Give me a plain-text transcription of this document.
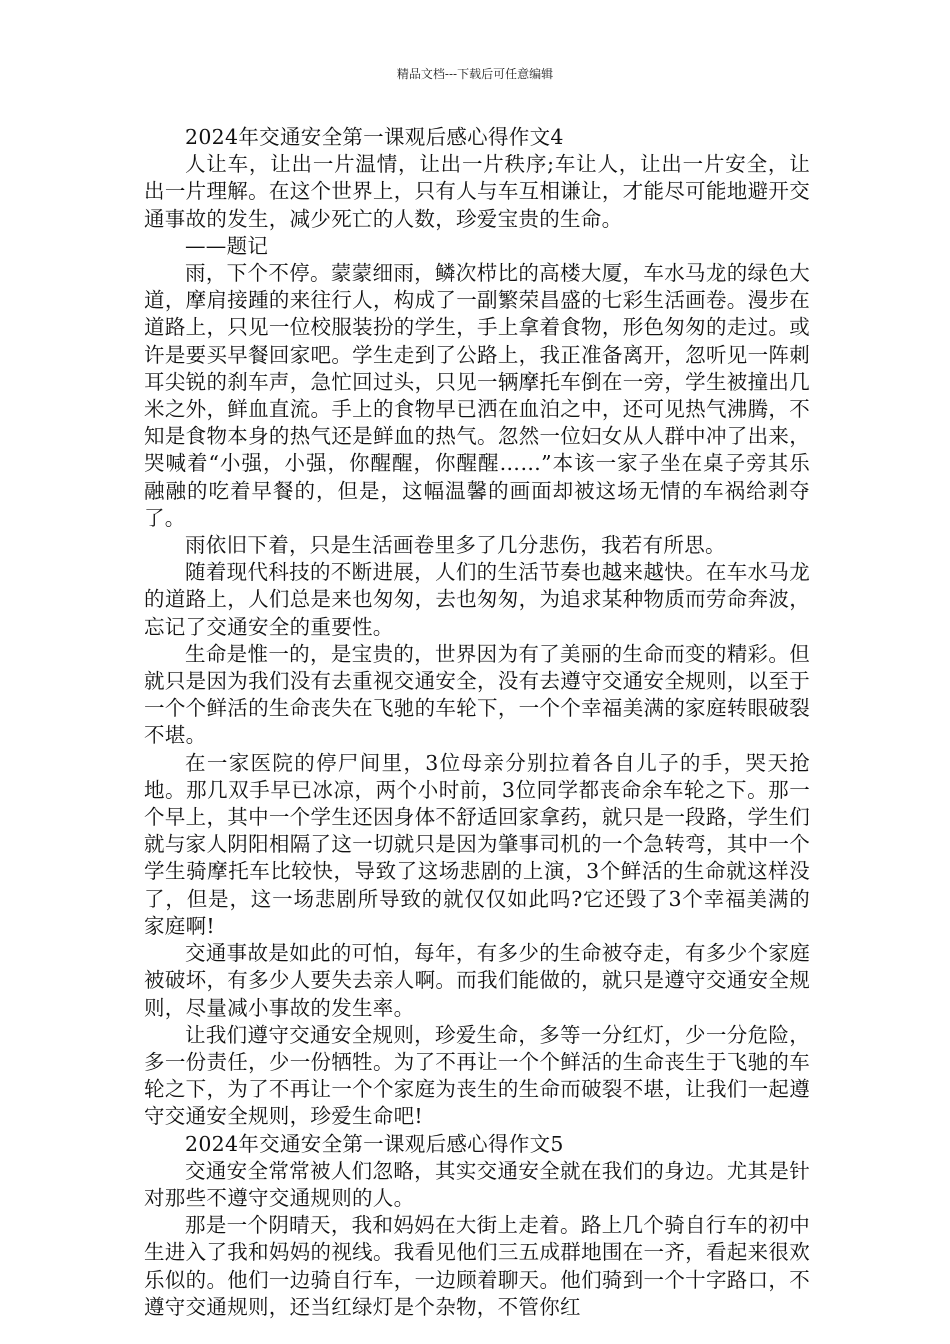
精品文档---下载后可任意编辑

2024年交通安全第一课观后感心得作文4

人让车，让出一片温情，让出一片秩序;车让人，让出一片安全，让出一片理解。在这个世界上，只有人与车互相谦让，才能尽可能地避开交通事故的发生，减少死亡的人数，珍爱宝贵的生命。

——题记

雨，下个不停。蒙蒙细雨，鳞次栉比的高楼大厦，车水马龙的绿色大道，摩肩接踵的来往行人，构成了一副繁荣昌盛的七彩生活画卷。漫步在道路上，只见一位校服装扮的学生，手上拿着食物，形色匆匆的走过。或许是要买早餐回家吧。学生走到了公路上，我正准备离开，忽听见一阵刺耳尖锐的刹车声，急忙回过头，只见一辆摩托车倒在一旁，学生被撞出几米之外，鲜血直流。手上的食物早已洒在血泊之中，还可见热气沸腾，不知是食物本身的热气还是鲜血的热气。忽然一位妇女从人群中冲了出来，哭喊着“小强，小强，你醒醒，你醒醒……”本该一家子坐在桌子旁其乐融融的吃着早餐的，但是，这幅温馨的画面却被这场无情的车祸给剥夺了。

雨依旧下着，只是生活画卷里多了几分悲伤，我若有所思。

随着现代科技的不断进展，人们的生活节奏也越来越快。在车水马龙的道路上，人们总是来也匆匆，去也匆匆，为追求某种物质而劳命奔波，忘记了交通安全的重要性。

生命是惟一的，是宝贵的，世界因为有了美丽的生命而变的精彩。但就只是因为我们没有去重视交通安全，没有去遵守交通安全规则，以至于一个个鲜活的生命丧失在飞驰的车轮下，一个个幸福美满的家庭转眼破裂不堪。

在一家医院的停尸间里，3位母亲分别拉着各自儿子的手，哭天抢地。那几双手早已冰凉，两个小时前，3位同学都丧命余车轮之下。那一个早上，其中一个学生还因身体不舒适回家拿药，就只是一段路，学生们就与家人阴阳相隔了这一切就只是因为肇事司机的一个急转弯，其中一个学生骑摩托车比较快，导致了这场悲剧的上演，3个鲜活的生命就这样没了，但是，这一场悲剧所导致的就仅仅如此吗?它还毁了3个幸福美满的家庭啊!

交通事故是如此的可怕，每年，有多少的生命被夺走，有多少个家庭被破坏，有多少人要失去亲人啊。而我们能做的，就只是遵守交通安全规则，尽量减小事故的发生率。

让我们遵守交通安全规则，珍爱生命，多等一分红灯，少一分危险，多一份责任，少一份牺牲。为了不再让一个个鲜活的生命丧生于飞驰的车轮之下，为了不再让一个个家庭为丧生的生命而破裂不堪，让我们一起遵守交通安全规则，珍爱生命吧!

2024年交通安全第一课观后感心得作文5

交通安全常常被人们忽略，其实交通安全就在我们的身边。尤其是针对那些不遵守交通规则的人。

那是一个阴晴天，我和妈妈在大街上走着。路上几个骑自行车的初中生进入了我和妈妈的视线。我看见他们三五成群地围在一齐，看起来很欢乐似的。他们一边骑自行车，一边顾着聊天。他们骑到一个十字路口，不遵守交通规则，还当红绿灯是个杂物，不管你红
